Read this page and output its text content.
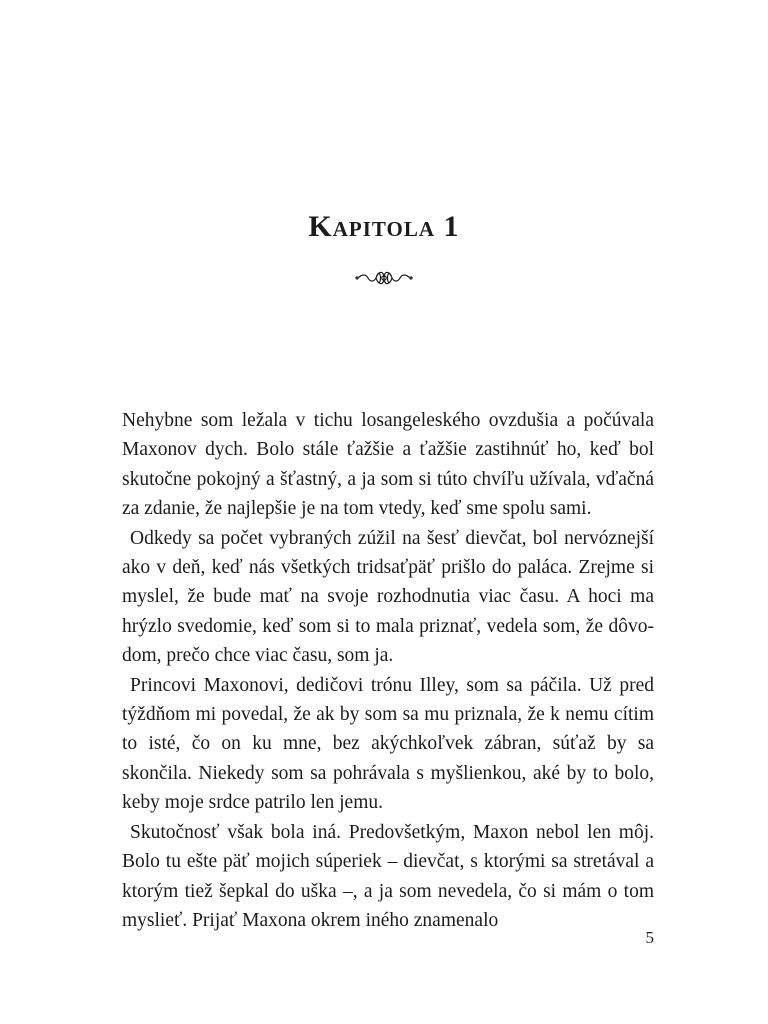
Kapitola 1

Nehybne som ležala v tichu losangeleského ovzdušia a počúvala Maxonov dych. Bolo stále ťažšie a ťažšie zastihnúť ho, keď bol skutočne pokojný a šťastný, a ja som si túto chvíľu užívala, vďačná za zdanie, že najlepšie je na tom vtedy, keď sme spolu sami.

Odkedy sa počet vybraných zúžil na šesť dievčat, bol nervóznejší ako v deň, keď nás všetkých tridsaťpäť prišlo do paláca. Zrejme si myslel, že bude mať na svoje rozhodnutia viac času. A hoci ma hrýzlo svedomie, keď som si to mala priznať, vedela som, že dôvodom, prečo chce viac času, som ja.

Princovi Maxonovi, dedičovi trónu Illey, som sa páčila. Už pred týždňom mi povedal, že ak by som sa mu priznala, že k nemu cítim to isté, čo on ku mne, bez akýchkoľvek zábran, súťaž by sa skončila. Niekedy som sa pohrávala s myšlienkou, aké by to bolo, keby moje srdce patrilo len jemu.

Skutočnosť však bola iná. Predovšetkým, Maxon nebol len môj. Bolo tu ešte päť mojich súperiek – dievčat, s ktorými sa stretával a ktorým tiež šepkal do uška –, a ja som nevedela, čo si mám o tom myslieť. Prijať Maxona okrem iného znamenalo

5
